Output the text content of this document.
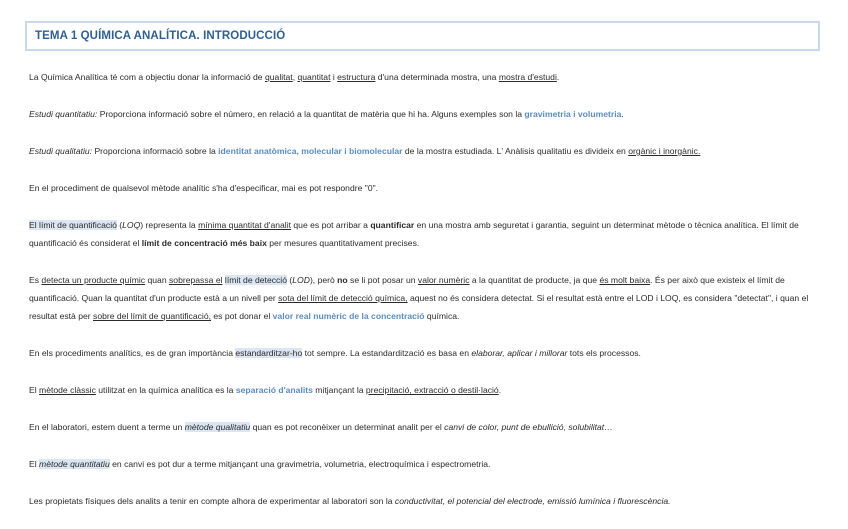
TEMA 1 QUÍMICA ANALÍTICA. INTRODUCCIÓ

La Química Analítica té com a objectiu donar la informació de qualitat, quantitat i estructura d'una determinada mostra, una mostra d'estudi.

Estudi quantitatiu: Proporciona informació sobre el número, en relació a la quantitat de matèria que hi ha. Alguns exemples son la gravimetria i volumetria.

Estudi qualitatiu: Proporciona informació sobre la identitat anatòmica, molecular i biomolecular de la mostra estudiada. L' Anàlisis qualitatiu es divideix en orgànic i inorgànic.

En el procediment de qualsevol mètode analític s'ha d'especificar, mai es pot respondre "0".

El límit de quantificació (LOQ) representa la mínima quantitat d'analit que es pot arribar a quantificar en una mostra amb seguretat i garantia, seguint un determinat mètode o tècnica analítica. El límit de quantificació és considerat el límit de concentració més baix per mesures quantitativament precises.

Es detecta un producte químic quan sobrepassa el límit de detecció (LOD), però no se li pot posar un valor numèric a la quantitat de producte, ja que és molt baixa. És per això que existeix el límit de quantificació. Quan la quantitat d'un producte està a un nivell per sota del límit de detecció química, aquest no és considera detectat. Si el resultat està entre el LOD i LOQ, es considera "detectat", i quan el resultat està per sobre del límit de quantificació, es pot donar el valor real numèric de la concentració química.

En els procediments analítics, es de gran importància estandarditzar-ho tot sempre. La estandardització es basa en elaborar, aplicar i millorar tots els processos.

El mètode clàssic utilitzat en la química analítica es la separació d'analits mitjançant la precipitació, extracció o destil·lació.

En el laboratori, estem duent a terme un mètode qualitatiu quan es pot reconèixer un determinat analit per el canvi de color, punt de ebullició, solubilitat…

El mètode quantitatiu en canvi es pot dur a terme mitjançant una gravimetria, volumetria, electroquímica i espectrometria.

Les propietats físiques dels analits a tenir en compte alhora de experimentar al laboratori son la conductivitat, el potencial del electrode, emissió lumínica i fluorescència.
